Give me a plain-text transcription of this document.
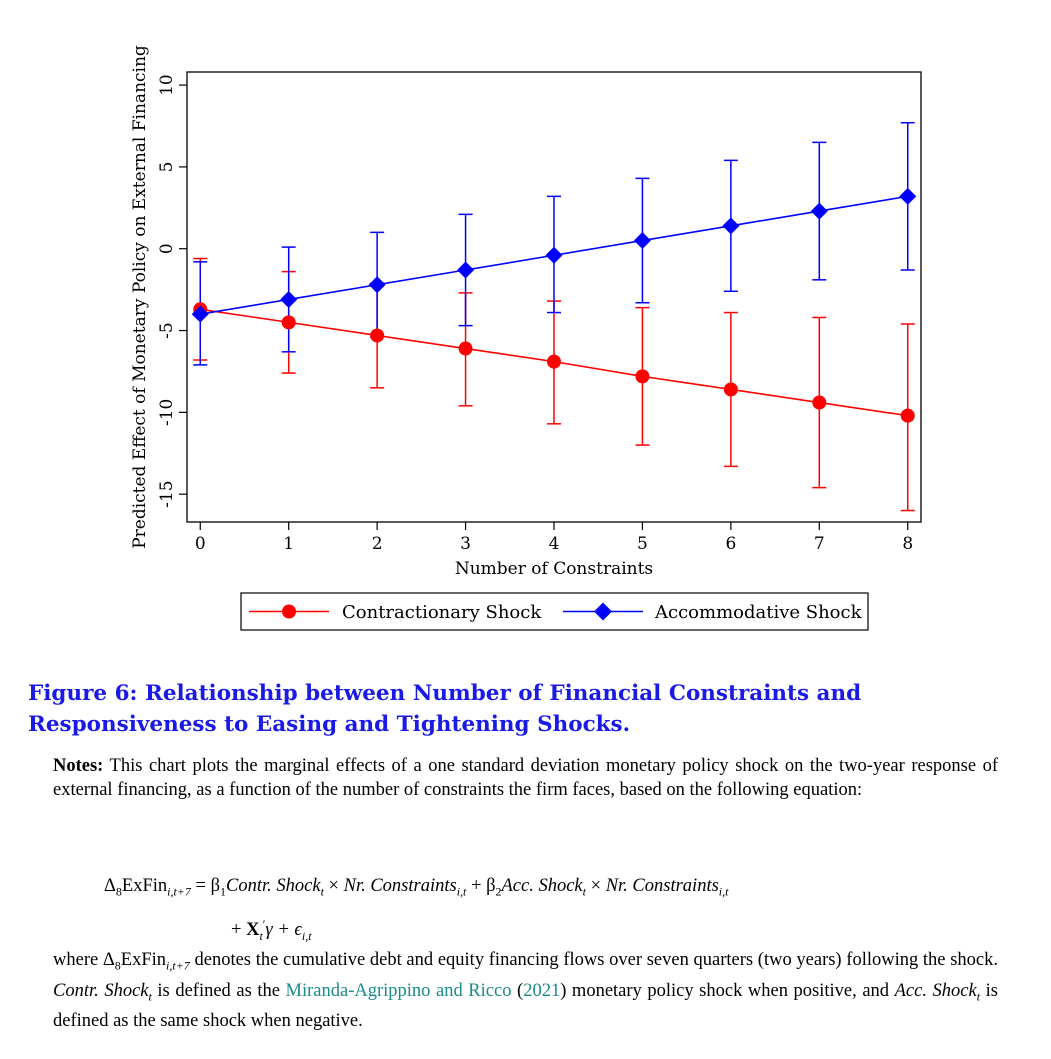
-15
-10
-5
0
5
10
0	1	2	3	4	5	6	7	8
Number of Constraints
Predicted Effect of Monetary Policy on External Financing
Contractionary Shock	Accommodative Shock
Figure 6: Relationship between Number of Financial Constraints and Responsiveness to Easing and Tightening Shocks.
Notes: This chart plots the marginal effects of a one standard deviation monetary policy shock on the two-year response of external financing, as a function of the number of constraints the firm faces, based on the following equation:
$\Delta_8ExFin_{i,t+7}$ = $\beta_1Contr$. Shock$_t$ × Nr. Constraints$_{i,t}$ + $\beta_2Acc$. Shock$_t$ × Nr. Constraints$_{i,t}$
+ $X_t'\gamma + \epsilon_{i,t}$
where $\Delta_8ExFin_{i,t+7}$ denotes the cumulative debt and equity financing flows over seven quarters (two years) following the shock. Contr. Shock$_t$ is defined as the Miranda-Agrippino and Ricco (2021) monetary policy shock when positive, and Acc. Shock$_t$ is defined as the same shock when negative.
